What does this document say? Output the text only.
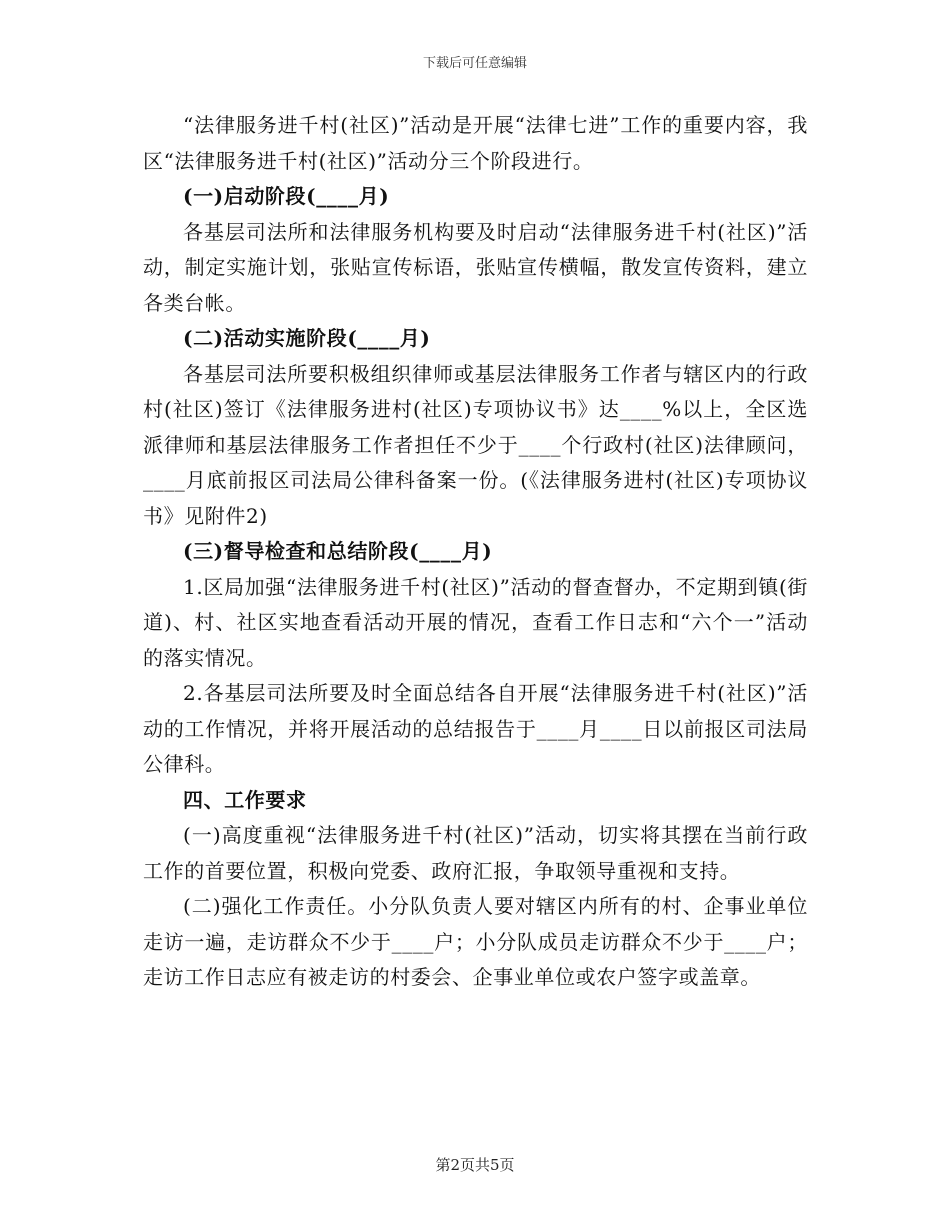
下载后可任意编辑

“法律服务进千村(社区)”活动是开展“法律七进”工作的重要内容，我区“法律服务进千村(社区)”活动分三个阶段进行。

(一)启动阶段(____月)

各基层司法所和法律服务机构要及时启动“法律服务进千村(社区)”活动，制定实施计划，张贴宣传标语，张贴宣传横幅，散发宣传资料，建立各类台帐。

(二)活动实施阶段(____月)

各基层司法所要积极组织律师或基层法律服务工作者与辖区内的行政村(社区)签订《法律服务进村(社区)专项协议书》达____%以上，全区选派律师和基层法律服务工作者担任不少于____个行政村(社区)法律顾问，____月底前报区司法局公律科备案一份。(《法律服务进村(社区)专项协议书》见附件2)

(三)督导检查和总结阶段(____月)

1.区局加强“法律服务进千村(社区)”活动的督查督办，不定期到镇(街道)、村、社区实地查看活动开展的情况，查看工作日志和“六个一”活动的落实情况。

2.各基层司法所要及时全面总结各自开展“法律服务进千村(社区)”活动的工作情况，并将开展活动的总结报告于____月____日以前报区司法局公律科。

四、工作要求

(一)高度重视“法律服务进千村(社区)”活动，切实将其摆在当前行政工作的首要位置，积极向党委、政府汇报，争取领导重视和支持。

(二)强化工作责任。小分队负责人要对辖区内所有的村、企事业单位走访一遍，走访群众不少于____户；小分队成员走访群众不少于____户；走访工作日志应有被走访的村委会、企事业单位或农户签字或盖章。

第2页共5页
